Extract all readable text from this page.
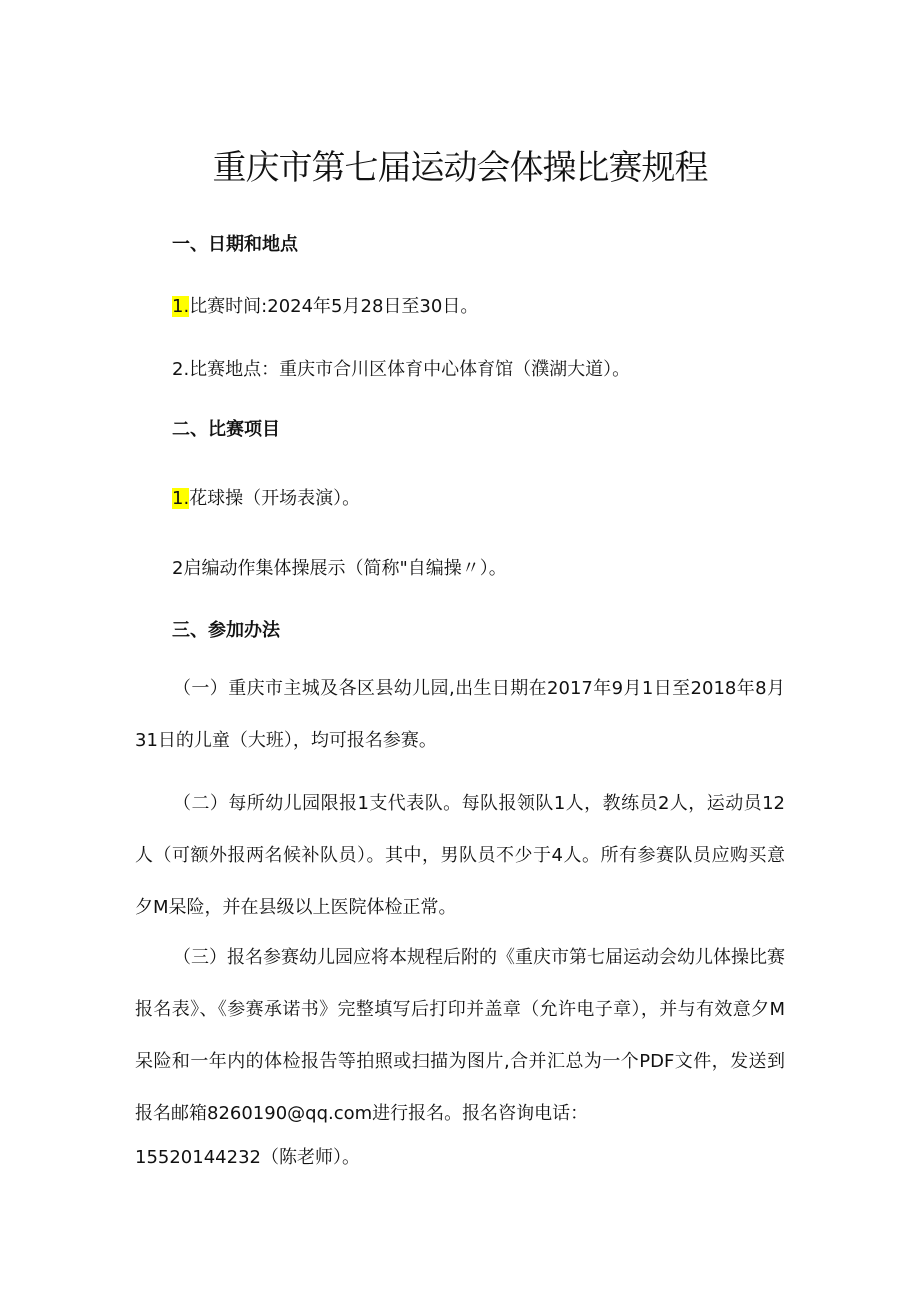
重庆市第七届运动会体操比赛规程
一、日期和地点
1.比赛时间:2024年5月28日至30日。
2.比赛地点：重庆市合川区体育中心体育馆（濮湖大道）。
二、比赛项目
1.花球操（开场表演）。
2启编动作集体操展示（简称"自编操〃）。
三、参加办法
（一）重庆市主城及各区县幼儿园,出生日期在2017年9月1日至2018年8月31日的儿童（大班），均可报名参赛。
（二）每所幼儿园限报1支代表队。每队报领队1人，教练员2人，运动员12人（可额外报两名候补队员）。其中，男队员不少于4人。所有参赛队员应购买意夕M呆险，并在县级以上医院体检正常。
（三）报名参赛幼儿园应将本规程后附的《重庆市第七届运动会幼儿体操比赛报名表》、《参赛承诺书》完整填写后打印并盖章（允许电子章），并与有效意夕M呆险和一年内的体检报告等拍照或扫描为图片,合并汇总为一个PDF文件，发送到报名邮箱8260190@qq.com进行报名。报名咨询电话：
15520144232（陈老师）。
